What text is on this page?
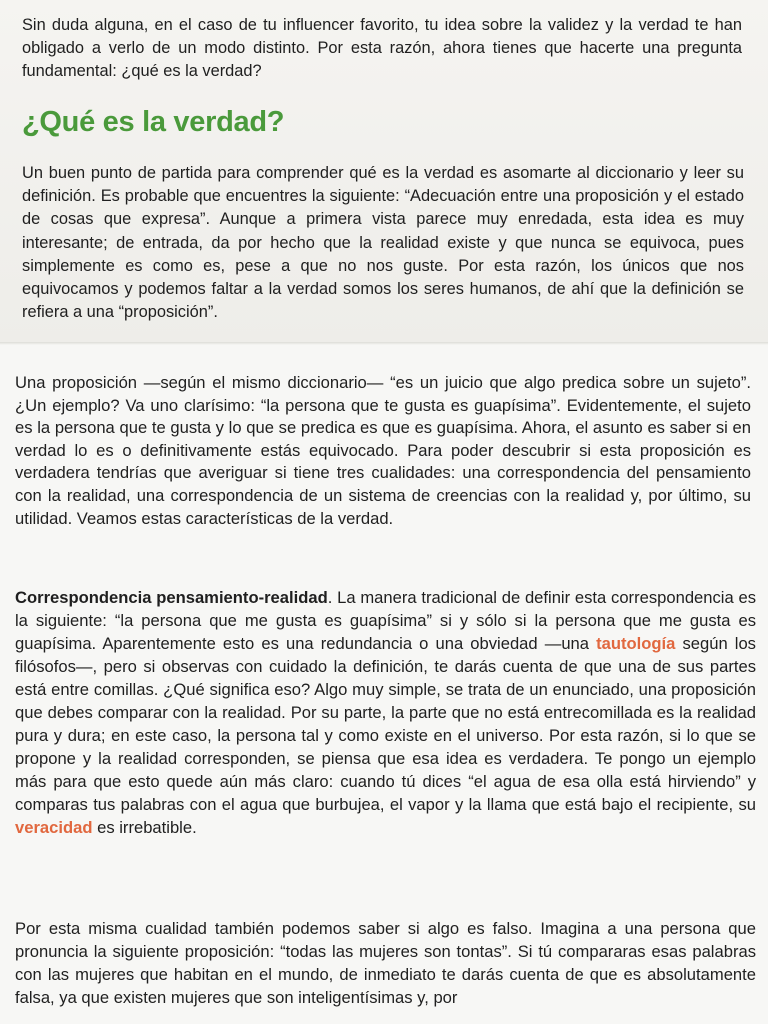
Sin duda alguna, en el caso de tu influencer favorito, tu idea sobre la validez y la verdad te han obligado a verlo de un modo distinto. Por esta razón, ahora tienes que hacerte una pregunta fundamental: ¿qué es la verdad?

¿Qué es la verdad?

Un buen punto de partida para comprender qué es la verdad es asomarte al diccionario y leer su definición. Es probable que encuentres la siguiente: “Adecuación entre una proposición y el estado de cosas que expresa”. Aunque a primera vista parece muy enredada, esta idea es muy interesante; de entrada, da por hecho que la realidad existe y que nunca se equivoca, pues simplemente es como es, pese a que no nos guste. Por esta razón, los únicos que nos equivocamos y podemos faltar a la verdad somos los seres humanos, de ahí que la definición se refiera a una “proposición”.

Una proposición —según el mismo diccionario— “es un juicio que algo predica sobre un sujeto”. ¿Un ejemplo? Va uno clarísimo: “la persona que te gusta es guapísima”. Evidentemente, el sujeto es la persona que te gusta y lo que se predica es que es guapísima. Ahora, el asunto es saber si en verdad lo es o definitivamente estás equivocado. Para poder descubrir si esta proposición es verdadera tendrías que averiguar si tiene tres cualidades: una correspondencia del pensamiento con la realidad, una correspondencia de un sistema de creencias con la realidad y, por último, su utilidad. Veamos estas características de la verdad.

Correspondencia pensamiento-realidad. La manera tradicional de definir esta correspondencia es la siguiente: “la persona que me gusta es guapísima” si y sólo si la persona que me gusta es guapísima. Aparentemente esto es una redundancia o una obviedad —una tautología según los filósofos—, pero si observas con cuidado la definición, te darás cuenta de que una de sus partes está entre comillas. ¿Qué significa eso? Algo muy simple, se trata de un enunciado, una proposición que debes comparar con la realidad. Por su parte, la parte que no está entrecomillada es la realidad pura y dura; en este caso, la persona tal y como existe en el universo. Por esta razón, si lo que se propone y la realidad corresponden, se piensa que esa idea es verdadera. Te pongo un ejemplo más para que esto quede aún más claro: cuando tú dices “el agua de esa olla está hirviendo” y comparas tus palabras con el agua que burbujea, el vapor y la llama que está bajo el recipiente, su veracidad es irrebatible.

Por esta misma cualidad también podemos saber si algo es falso. Imagina a una persona que pronuncia la siguiente proposición: “todas las mujeres son tontas”. Si tú compararas esas palabras con las mujeres que habitan en el mundo, de inmediato te darás cuenta de que es absolutamente falsa, ya que existen mujeres que son inteligentísimas y, por
